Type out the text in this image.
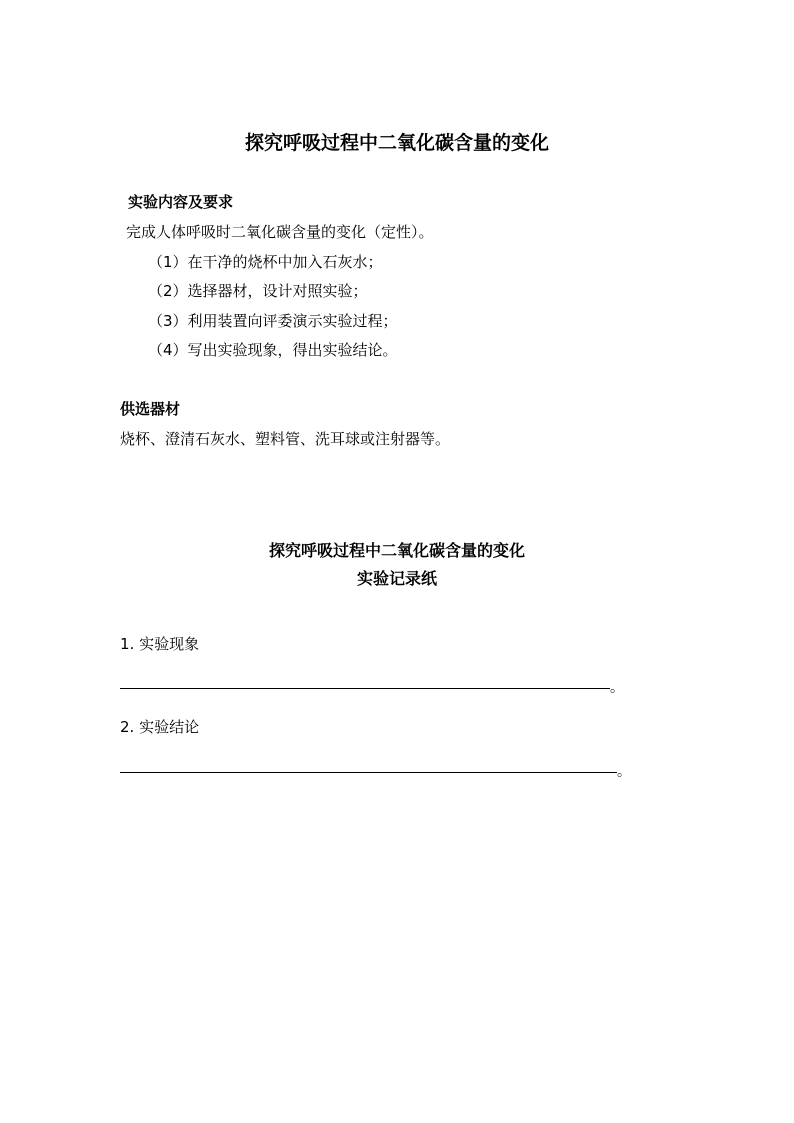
探究呼吸过程中二氧化碳含量的变化
实验内容及要求
完成人体呼吸时二氧化碳含量的变化（定性）。
（1）在干净的烧杯中加入石灰水；
（2）选择器材，设计对照实验；
（3）利用装置向评委演示实验过程；
（4）写出实验现象，得出实验结论。
供选器材
烧杯、澄清石灰水、塑料管、洗耳球或注射器等。
探究呼吸过程中二氧化碳含量的变化
实验记录纸
1. 实验现象
。
2. 实验结论
。
